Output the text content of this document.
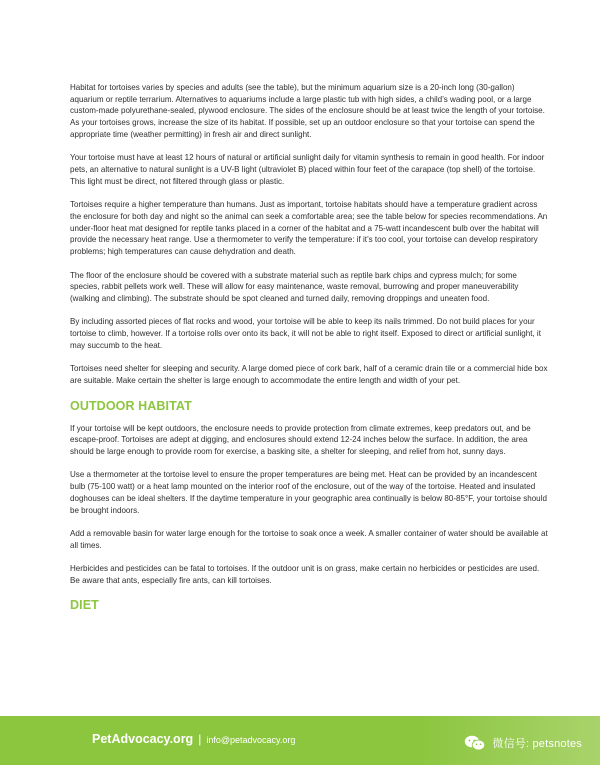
Habitat for tortoises varies by species and adults (see the table), but the minimum aquarium size is a 20-inch long (30-gallon) aquarium or reptile terrarium. Alternatives to aquariums include a large plastic tub with high sides, a child’s wading pool, or a large custom-made polyurethane-sealed, plywood enclosure. The sides of the enclosure should be at least twice the length of your tortoise. As your tortoises grows, increase the size of its habitat. If possible, set up an outdoor enclosure so that your tortoise can spend the appropriate time (weather permitting) in fresh air and direct sunlight.

Your tortoise must have at least 12 hours of natural or artificial sunlight daily for vitamin synthesis to remain in good health. For indoor pets, an alternative to natural sunlight is a UV-B light (ultraviolet B) placed within four feet of the carapace (top shell) of the tortoise. This light must be direct, not filtered through glass or plastic.

Tortoises require a higher temperature than humans. Just as important, tortoise habitats should have a temperature gradient across the enclosure for both day and night so the animal can seek a comfortable area; see the table below for species recommendations. An under-floor heat mat designed for reptile tanks placed in a corner of the habitat and a 75-watt incandescent bulb over the habitat will provide the necessary heat range. Use a thermometer to verify the temperature: if it’s too cool, your tortoise can develop respiratory problems; high temperatures can cause dehydration and death.

The floor of the enclosure should be covered with a substrate material such as reptile bark chips and cypress mulch; for some species, rabbit pellets work well. These will allow for easy maintenance, waste removal, burrowing and proper maneuverability (walking and climbing). The substrate should be spot cleaned and turned daily, removing droppings and uneaten food.

By including assorted pieces of flat rocks and wood, your tortoise will be able to keep its nails trimmed. Do not build places for your tortoise to climb, however. If a tortoise rolls over onto its back, it will not be able to right itself. Exposed to direct or artificial sunlight, it may succumb to the heat.

Tortoises need shelter for sleeping and security. A large domed piece of cork bark, half of a ceramic drain tile or a commercial hide box are suitable. Make certain the shelter is large enough to accommodate the entire length and width of your pet.

OUTDOOR HABITAT

If your tortoise will be kept outdoors, the enclosure needs to provide protection from climate extremes, keep predators out, and be escape-proof. Tortoises are adept at digging, and enclosures should extend 12-24 inches below the surface. In addition, the area should be large enough to provide room for exercise, a basking site, a shelter for sleeping, and relief from hot, sunny days.

Use a thermometer at the tortoise level to ensure the proper temperatures are being met. Heat can be provided by an incandescent bulb (75-100 watt) or a heat lamp mounted on the interior roof of the enclosure, out of the way of the tortoise. Heated and insulated doghouses can be ideal shelters. If the daytime temperature in your geographic area continually is below 80-85°F, your tortoise should be brought indoors.

Add a removable basin for water large enough for the tortoise to soak once a week. A smaller container of water should be available at all times.

Herbicides and pesticides can be fatal to tortoises. If the outdoor unit is on grass, make certain no herbicides or pesticides are used. Be aware that ants, especially fire ants, can kill tortoises.

DIET
PetAdvocacy.org | info@petadvocacy.org	微信号: petsnotes
